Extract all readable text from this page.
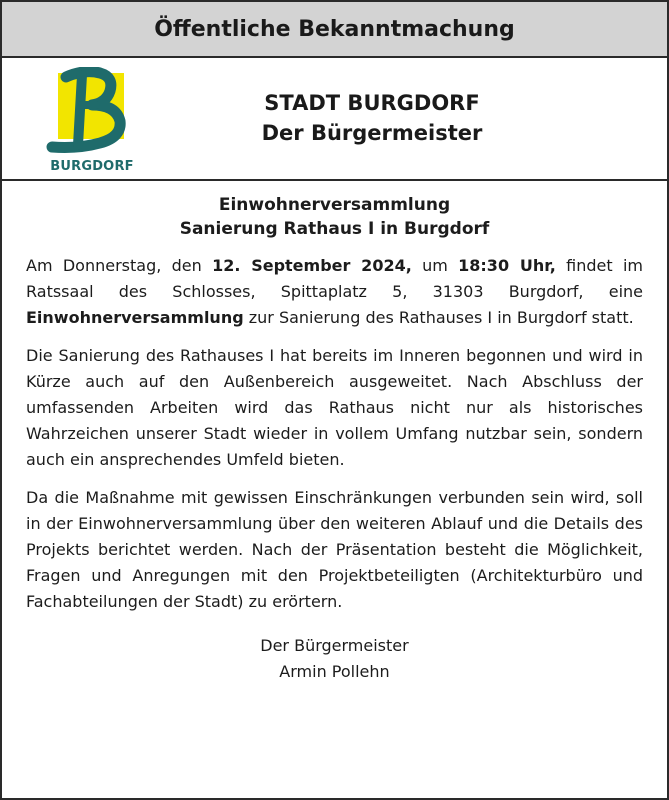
Öffentliche Bekanntmachung
BURGDORF
STADT BURGDORF
Der Bürgermeister
Einwohnerversammlung
Sanierung Rathaus I in Burgdorf

Am Donnerstag, den 12. September 2024, um 18:30 Uhr, findet im Ratssaal des Schlosses, Spittaplatz 5, 31303 Burgdorf, eine Einwohnerversammlung zur Sanierung des Rathauses I in Burgdorf statt.

Die Sanierung des Rathauses I hat bereits im Inneren begonnen und wird in Kürze auch auf den Außenbereich ausgeweitet. Nach Abschluss der umfassenden Arbeiten wird das Rathaus nicht nur als historisches Wahrzeichen unserer Stadt wieder in vollem Umfang nutzbar sein, sondern auch ein ansprechendes Umfeld bieten.

Da die Maßnahme mit gewissen Einschränkungen verbunden sein wird, soll in der Einwohnerversammlung über den weiteren Ablauf und die Details des Projekts berichtet werden. Nach der Präsentation besteht die Möglichkeit, Fragen und Anregungen mit den Projektbeteiligten (Architekturbüro und Fachabteilungen der Stadt) zu erörtern.

Der Bürgermeister
Armin Pollehn
